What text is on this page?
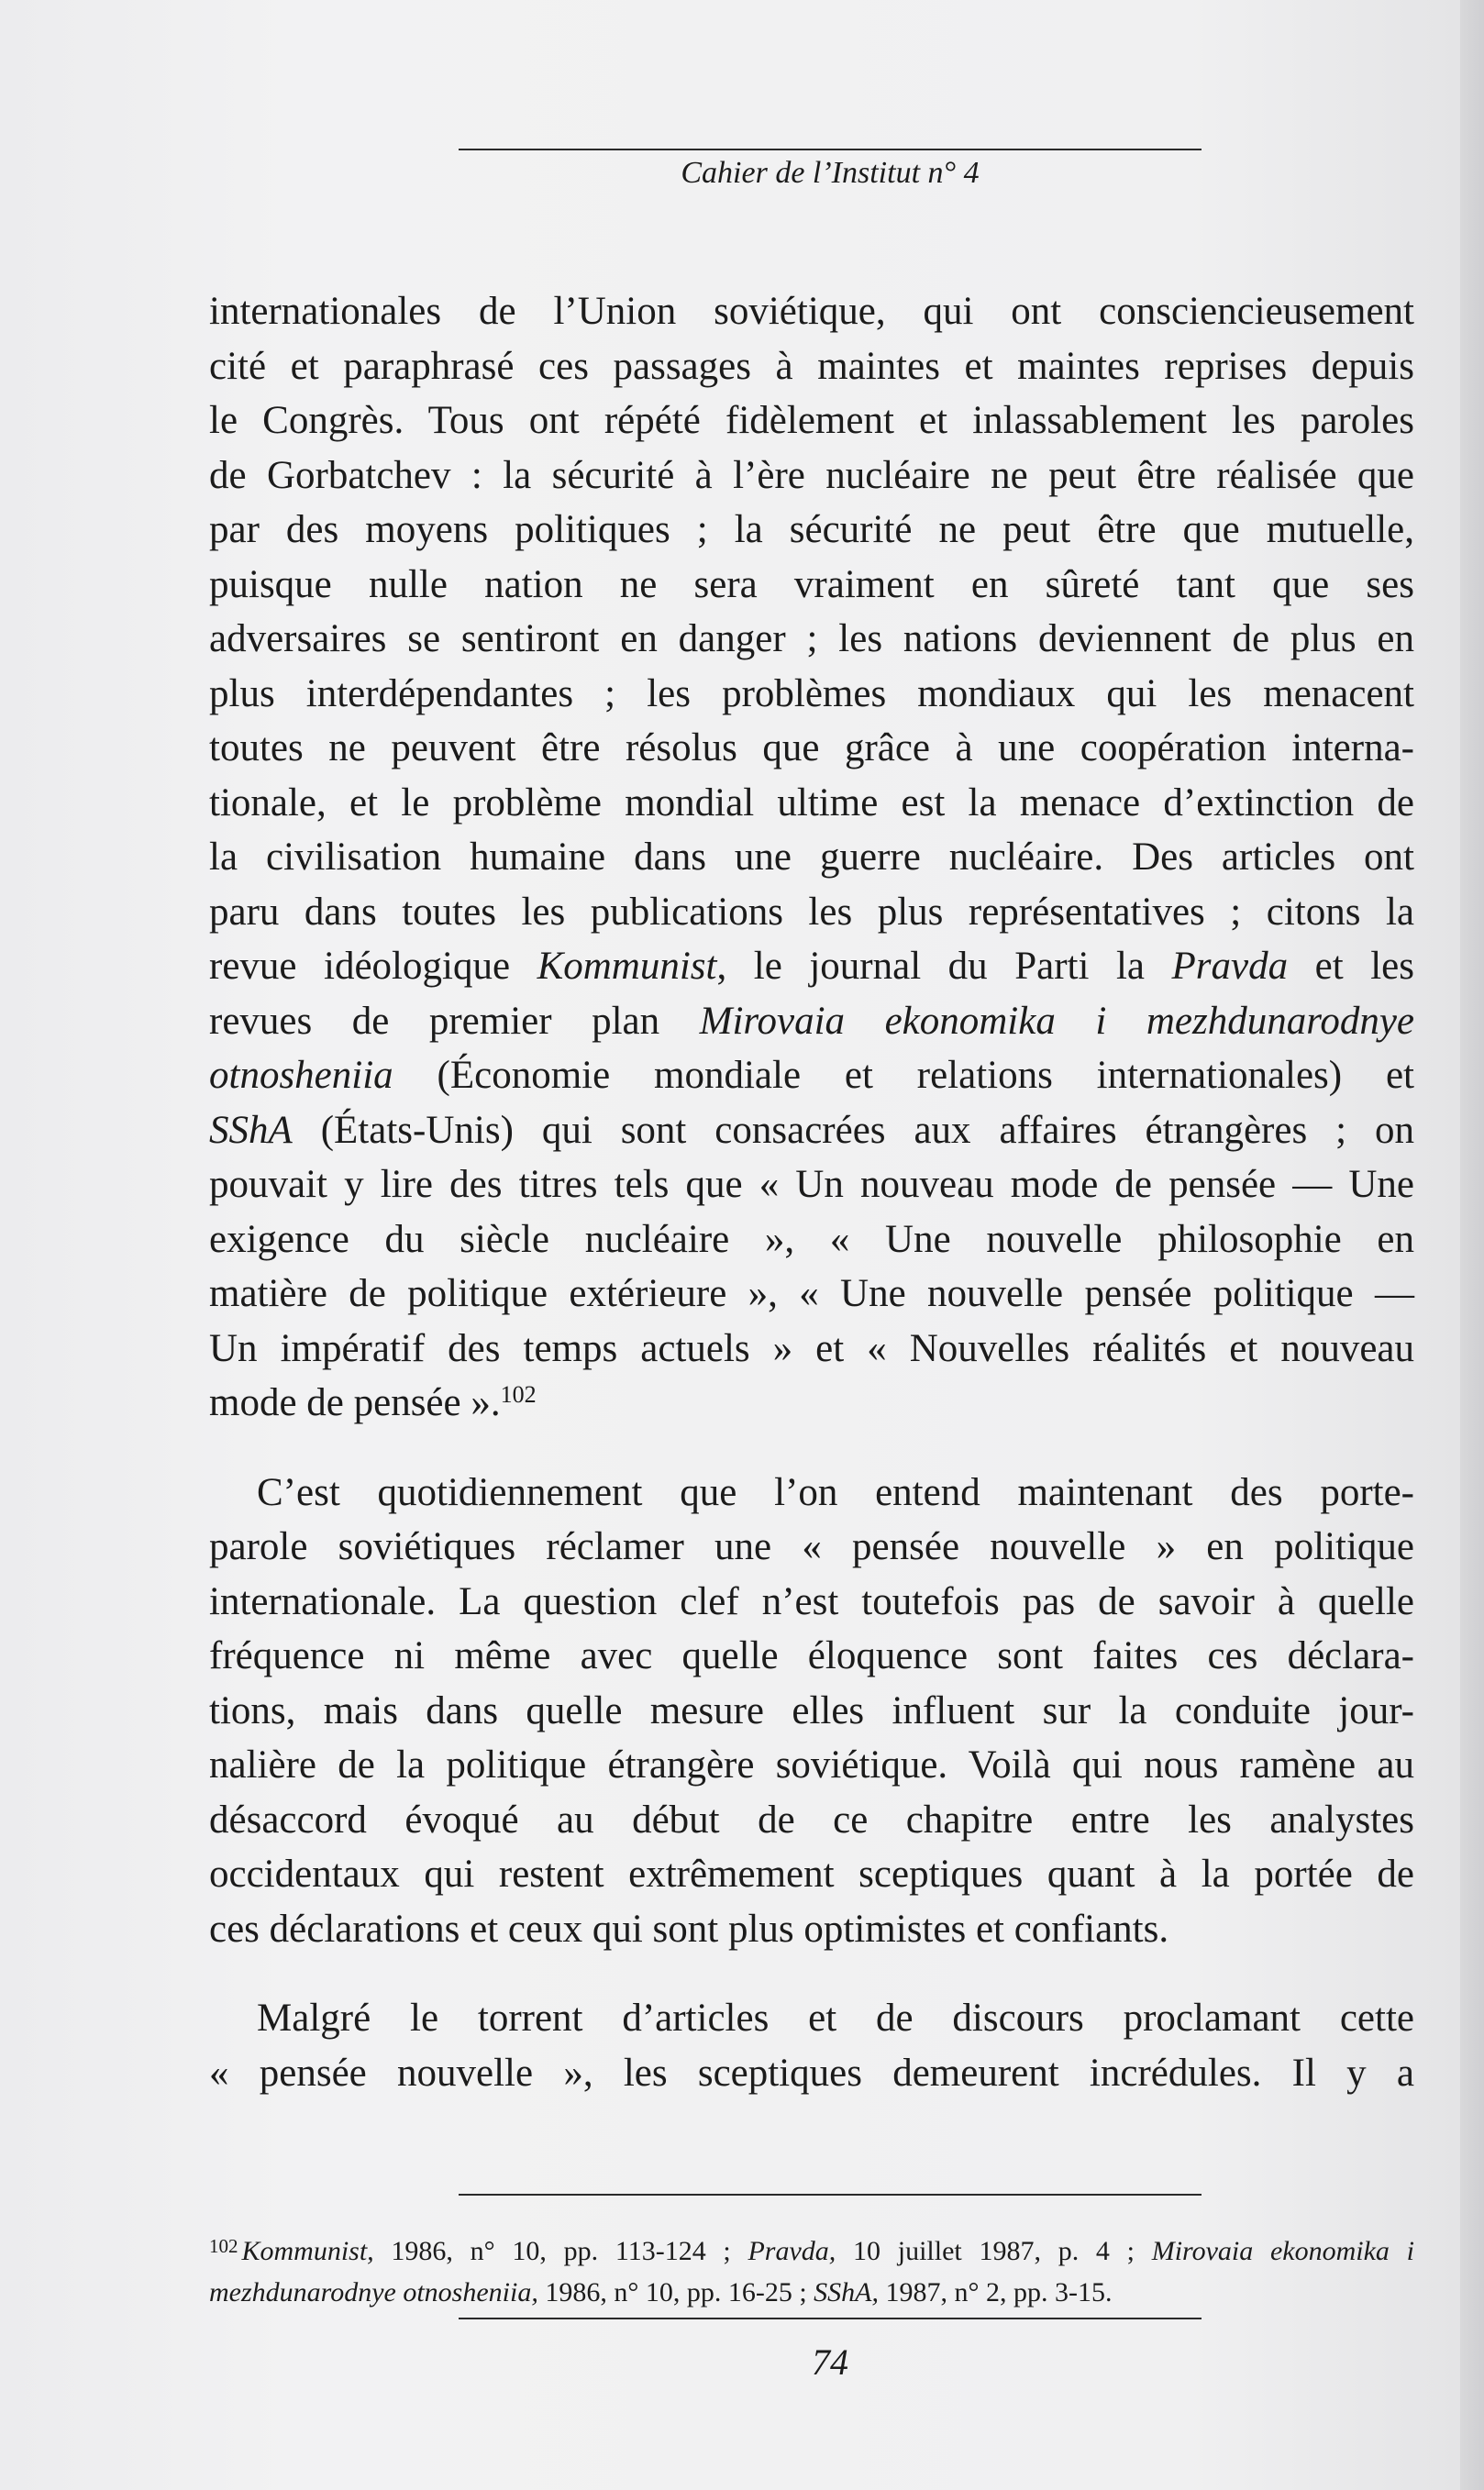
Cahier de l’Institut n° 4

internationales de l’Union soviétique, qui ont consciencieusement
cité et paraphrasé ces passages à maintes et maintes reprises depuis
le Congrès. Tous ont répété fidèlement et inlassablement les paroles
de Gorbatchev : la sécurité à l’ère nucléaire ne peut être réalisée que
par des moyens politiques ; la sécurité ne peut être que mutuelle,
puisque nulle nation ne sera vraiment en sûreté tant que ses
adversaires se sentiront en danger ; les nations deviennent de plus en
plus interdépendantes ; les problèmes mondiaux qui les menacent
toutes ne peuvent être résolus que grâce à une coopération interna-
tionale, et le problème mondial ultime est la menace d’extinction de
la civilisation humaine dans une guerre nucléaire. Des articles ont
paru dans toutes les publications les plus représentatives ; citons la
revue idéologique Kommunist, le journal du Parti la Pravda et les
revues de premier plan Mirovaia ekonomika i mezhdunarodnye
otnosheniia (Économie mondiale et relations internationales) et
SShA (États-Unis) qui sont consacrées aux affaires étrangères ; on
pouvait y lire des titres tels que « Un nouveau mode de pensée — Une
exigence du siècle nucléaire », « Une nouvelle philosophie en
matière de politique extérieure », « Une nouvelle pensée politique —
Un impératif des temps actuels » et « Nouvelles réalités et nouveau
mode de pensée ».$^{102}$

C’est quotidiennement que l’on entend maintenant des porte-
parole soviétiques réclamer une « pensée nouvelle » en politique
internationale. La question clef n’est toutefois pas de savoir à quelle
fréquence ni même avec quelle éloquence sont faites ces déclara-
tions, mais dans quelle mesure elles influent sur la conduite jour-
nalière de la politique étrangère soviétique. Voilà qui nous ramène au
désaccord évoqué au début de ce chapitre entre les analystes
occidentaux qui restent extrêmement sceptiques quant à la portée de
ces déclarations et ceux qui sont plus optimistes et confiants.

Malgré le torrent d’articles et de discours proclamant cette
« pensée nouvelle », les sceptiques demeurent incrédules. Il y a

$^{102}$ Kommunist, 1986, n° 10, pp. 113-124 ; Pravda, 10 juillet 1987, p. 4 ; Mirovaia ekonomika i
mezhdunarodnye otnosheniia, 1986, n° 10, pp. 16-25 ; SShA, 1987, n° 2, pp. 3-15.
74
